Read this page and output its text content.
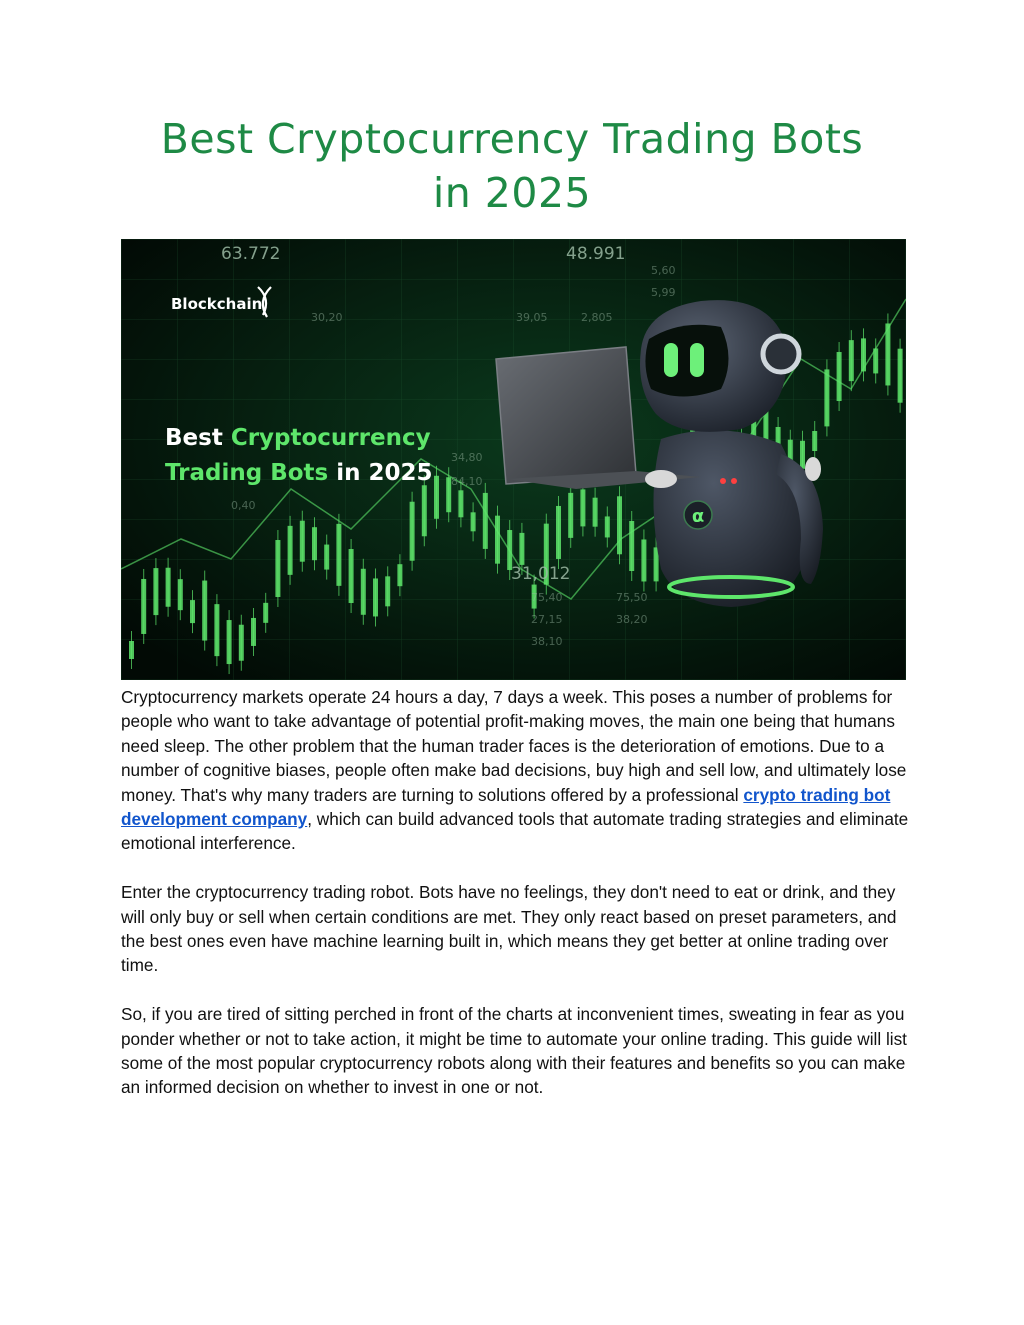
Best Cryptocurrency Trading Bots
in 2025
63.772	48.991
31,012
34,80
84,10
0,40
75,40	75,50
27,15	38,20
38,10
5,60
5,99
30,20	39,05	2,805
Blockchain
Best Cryptocurrency
Trading Bots in 2025
α

Cryptocurrency markets operate 24 hours a day, 7 days a week. This poses a number of problems for people who want to take advantage of potential profit-making moves, the main one being that humans need sleep. The other problem that the human trader faces is the deterioration of emotions. Due to a number of cognitive biases, people often make bad decisions, buy high and sell low, and ultimately lose money. That's why many traders are turning to solutions offered by a professional crypto trading bot development company, which can build advanced tools that automate trading strategies and eliminate emotional interference.

Enter the cryptocurrency trading robot. Bots have no feelings, they don't need to eat or drink, and they will only buy or sell when certain conditions are met. They only react based on preset parameters, and the best ones even have machine learning built in, which means they get better at online trading over time.

So, if you are tired of sitting perched in front of the charts at inconvenient times, sweating in fear as you ponder whether or not to take action, it might be time to automate your online trading. This guide will list some of the most popular cryptocurrency robots along with their features and benefits so you can make an informed decision on whether to invest in one or not.
